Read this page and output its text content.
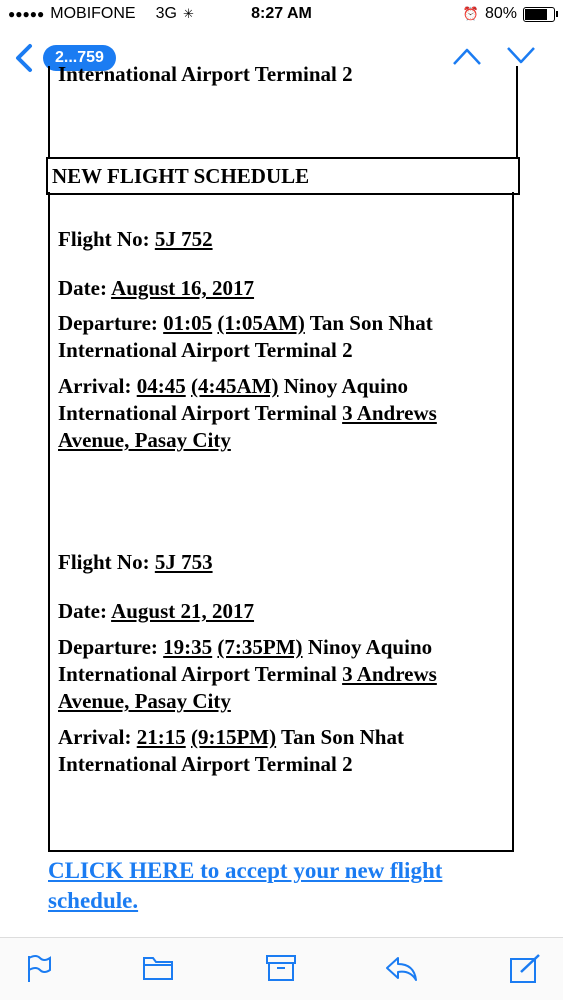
●●●●● MOBIFONE 3G ✳	8:27 AM	⏰ 80%
2...759
International Airport Terminal 2
NEW FLIGHT SCHEDULE
Flight No: 5J 752
Date: August 16, 2017
Departure: 01:05 (1:05AM) Tan Son Nhat
International Airport Terminal 2
Arrival: 04:45 (4:45AM) Ninoy Aquino
International Airport Terminal 3 Andrews
Avenue, Pasay City
Flight No: 5J 753
Date: August 21, 2017
Departure: 19:35 (7:35PM) Ninoy Aquino
International Airport Terminal 3 Andrews
Avenue, Pasay City
Arrival: 21:15 (9:15PM) Tan Son Nhat
International Airport Terminal 2
CLICK HERE to accept your new flight
schedule.
